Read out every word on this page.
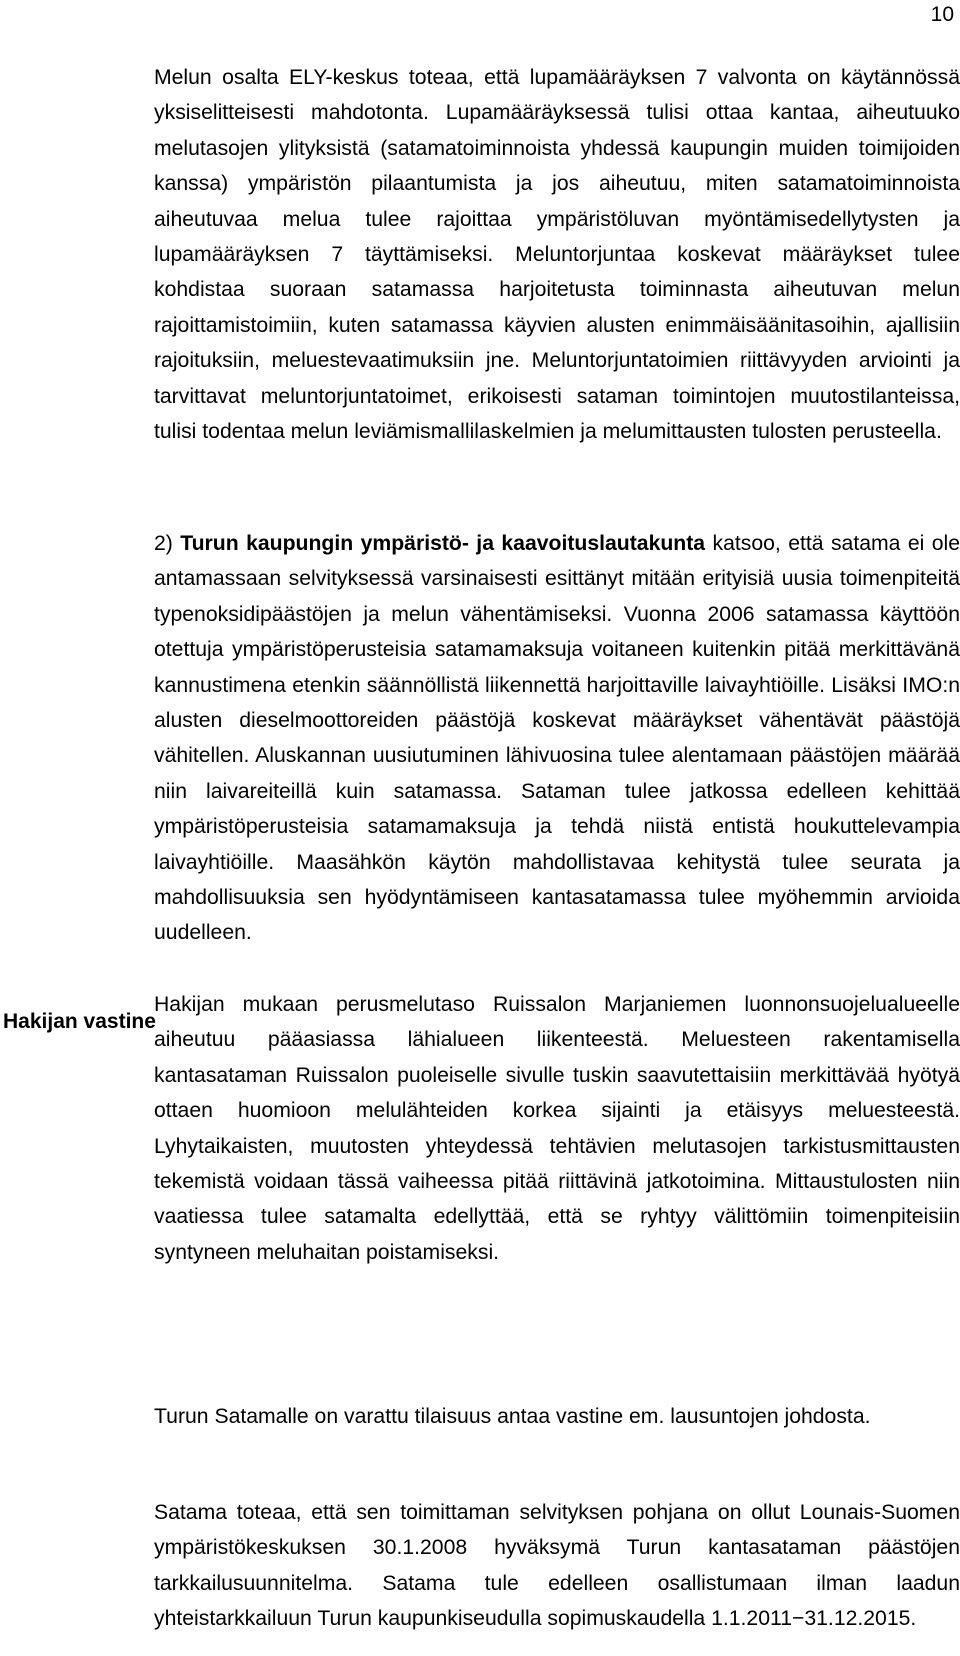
10
Hakijan vastine

Melun osalta ELY-keskus toteaa, että lupamääräyksen 7 valvonta on käytännössä yksiselitteisesti mahdotonta. Lupamääräyksessä tulisi ottaa kantaa, aiheutuuko melutasojen ylityksistä (satamatoiminnoista yhdessä kaupungin muiden toimijoiden kanssa) ympäristön pilaantumista ja jos aiheutuu, miten satamatoiminnoista aiheutuvaa melua tulee rajoittaa ympäristöluvan myöntämisedellytysten ja lupamääräyksen 7 täyttämiseksi. Meluntorjuntaa koskevat määräykset tulee kohdistaa suoraan satamassa harjoitetusta toiminnasta aiheutuvan melun rajoittamistoimiin, kuten satamassa käyvien alusten enimmäisäänitasoihin, ajallisiin rajoituksiin, meluestevaatimuksiin jne. Meluntorjuntatoimien riittävyyden arviointi ja tarvittavat meluntorjuntatoimet, erikoisesti sataman toimintojen muutostilanteissa, tulisi todentaa melun leviämismallilaskelmien ja melumittausten tulosten perusteella.

2) Turun kaupungin ympäristö- ja kaavoituslautakunta katsoo, että satama ei ole antamassaan selvityksessä varsinaisesti esittänyt mitään erityisiä uusia toimenpiteitä typenoksidipäästöjen ja melun vähentämiseksi. Vuonna 2006 satamassa käyttöön otettuja ympäristöperusteisia satamamaksuja voitaneen kuitenkin pitää merkittävänä kannustimena etenkin säännöllistä liikennettä harjoittaville laivayhtiöille. Lisäksi IMO:n alusten dieselmoottoreiden päästöjä koskevat määräykset vähentävät päästöjä vähitellen. Aluskannan uusiutuminen lähivuosina tulee alentamaan päästöjen määrää niin laivareiteillä kuin satamassa. Sataman tulee jatkossa edelleen kehittää ympäristöperusteisia satamamaksuja ja tehdä niistä entistä houkuttelevampia laivayhtiöille. Maasähkön käytön mahdollistavaa kehitystä tulee seurata ja mahdollisuuksia sen hyödyntämiseen kantasatamassa tulee myöhemmin arvioida uudelleen.

Hakijan mukaan perusmelutaso Ruissalon Marjaniemen luonnonsuojelualueelle aiheutuu pääasiassa lähialueen liikenteestä. Meluesteen rakentamisella kantasataman Ruissalon puoleiselle sivulle tuskin saavutettaisiin merkittävää hyötyä ottaen huomioon melulähteiden korkea sijainti ja etäisyys meluesteestä. Lyhytaikaisten, muutosten yhteydessä tehtävien melutasojen tarkistusmittausten tekemistä voidaan tässä vaiheessa pitää riittävinä jatkotoimina. Mittaustulosten niin vaatiessa tulee satamalta edellyttää, että se ryhtyy välittömiin toimenpiteisiin syntyneen meluhaitan poistamiseksi.

Turun Satamalle on varattu tilaisuus antaa vastine em. lausuntojen johdosta.

Satama toteaa, että sen toimittaman selvityksen pohjana on ollut Lounais-Suomen ympäristökeskuksen 30.1.2008 hyväksymä Turun kantasataman päästöjen tarkkailusuunnitelma. Satama tule edelleen osallistumaan ilman laadun yhteistarkkailuun Turun kaupunkiseudulla sopimuskaudella 1.1.2011−31.12.2015.
